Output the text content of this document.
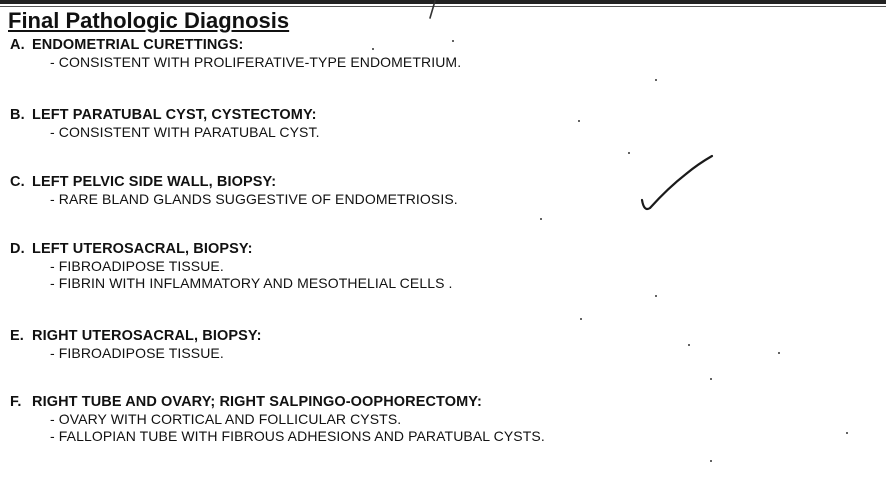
Final Pathologic Diagnosis
A. ENDOMETRIAL CURETTINGS:
- CONSISTENT WITH PROLIFERATIVE-TYPE ENDOMETRIUM.
B. LEFT PARATUBAL CYST, CYSTECTOMY:
- CONSISTENT WITH PARATUBAL CYST.
C. LEFT PELVIC SIDE WALL, BIOPSY:
- RARE BLAND GLANDS SUGGESTIVE OF ENDOMETRIOSIS.
D. LEFT UTEROSACRAL, BIOPSY:
- FIBROADIPOSE TISSUE.
- FIBRIN WITH INFLAMMATORY AND MESOTHELIAL CELLS .
E. RIGHT UTEROSACRAL, BIOPSY:
- FIBROADIPOSE TISSUE.
F. RIGHT TUBE AND OVARY; RIGHT SALPINGO-OOPHORECTOMY:
- OVARY WITH CORTICAL AND FOLLICULAR CYSTS.
- FALLOPIAN TUBE WITH FIBROUS ADHESIONS AND PARATUBAL CYSTS.
